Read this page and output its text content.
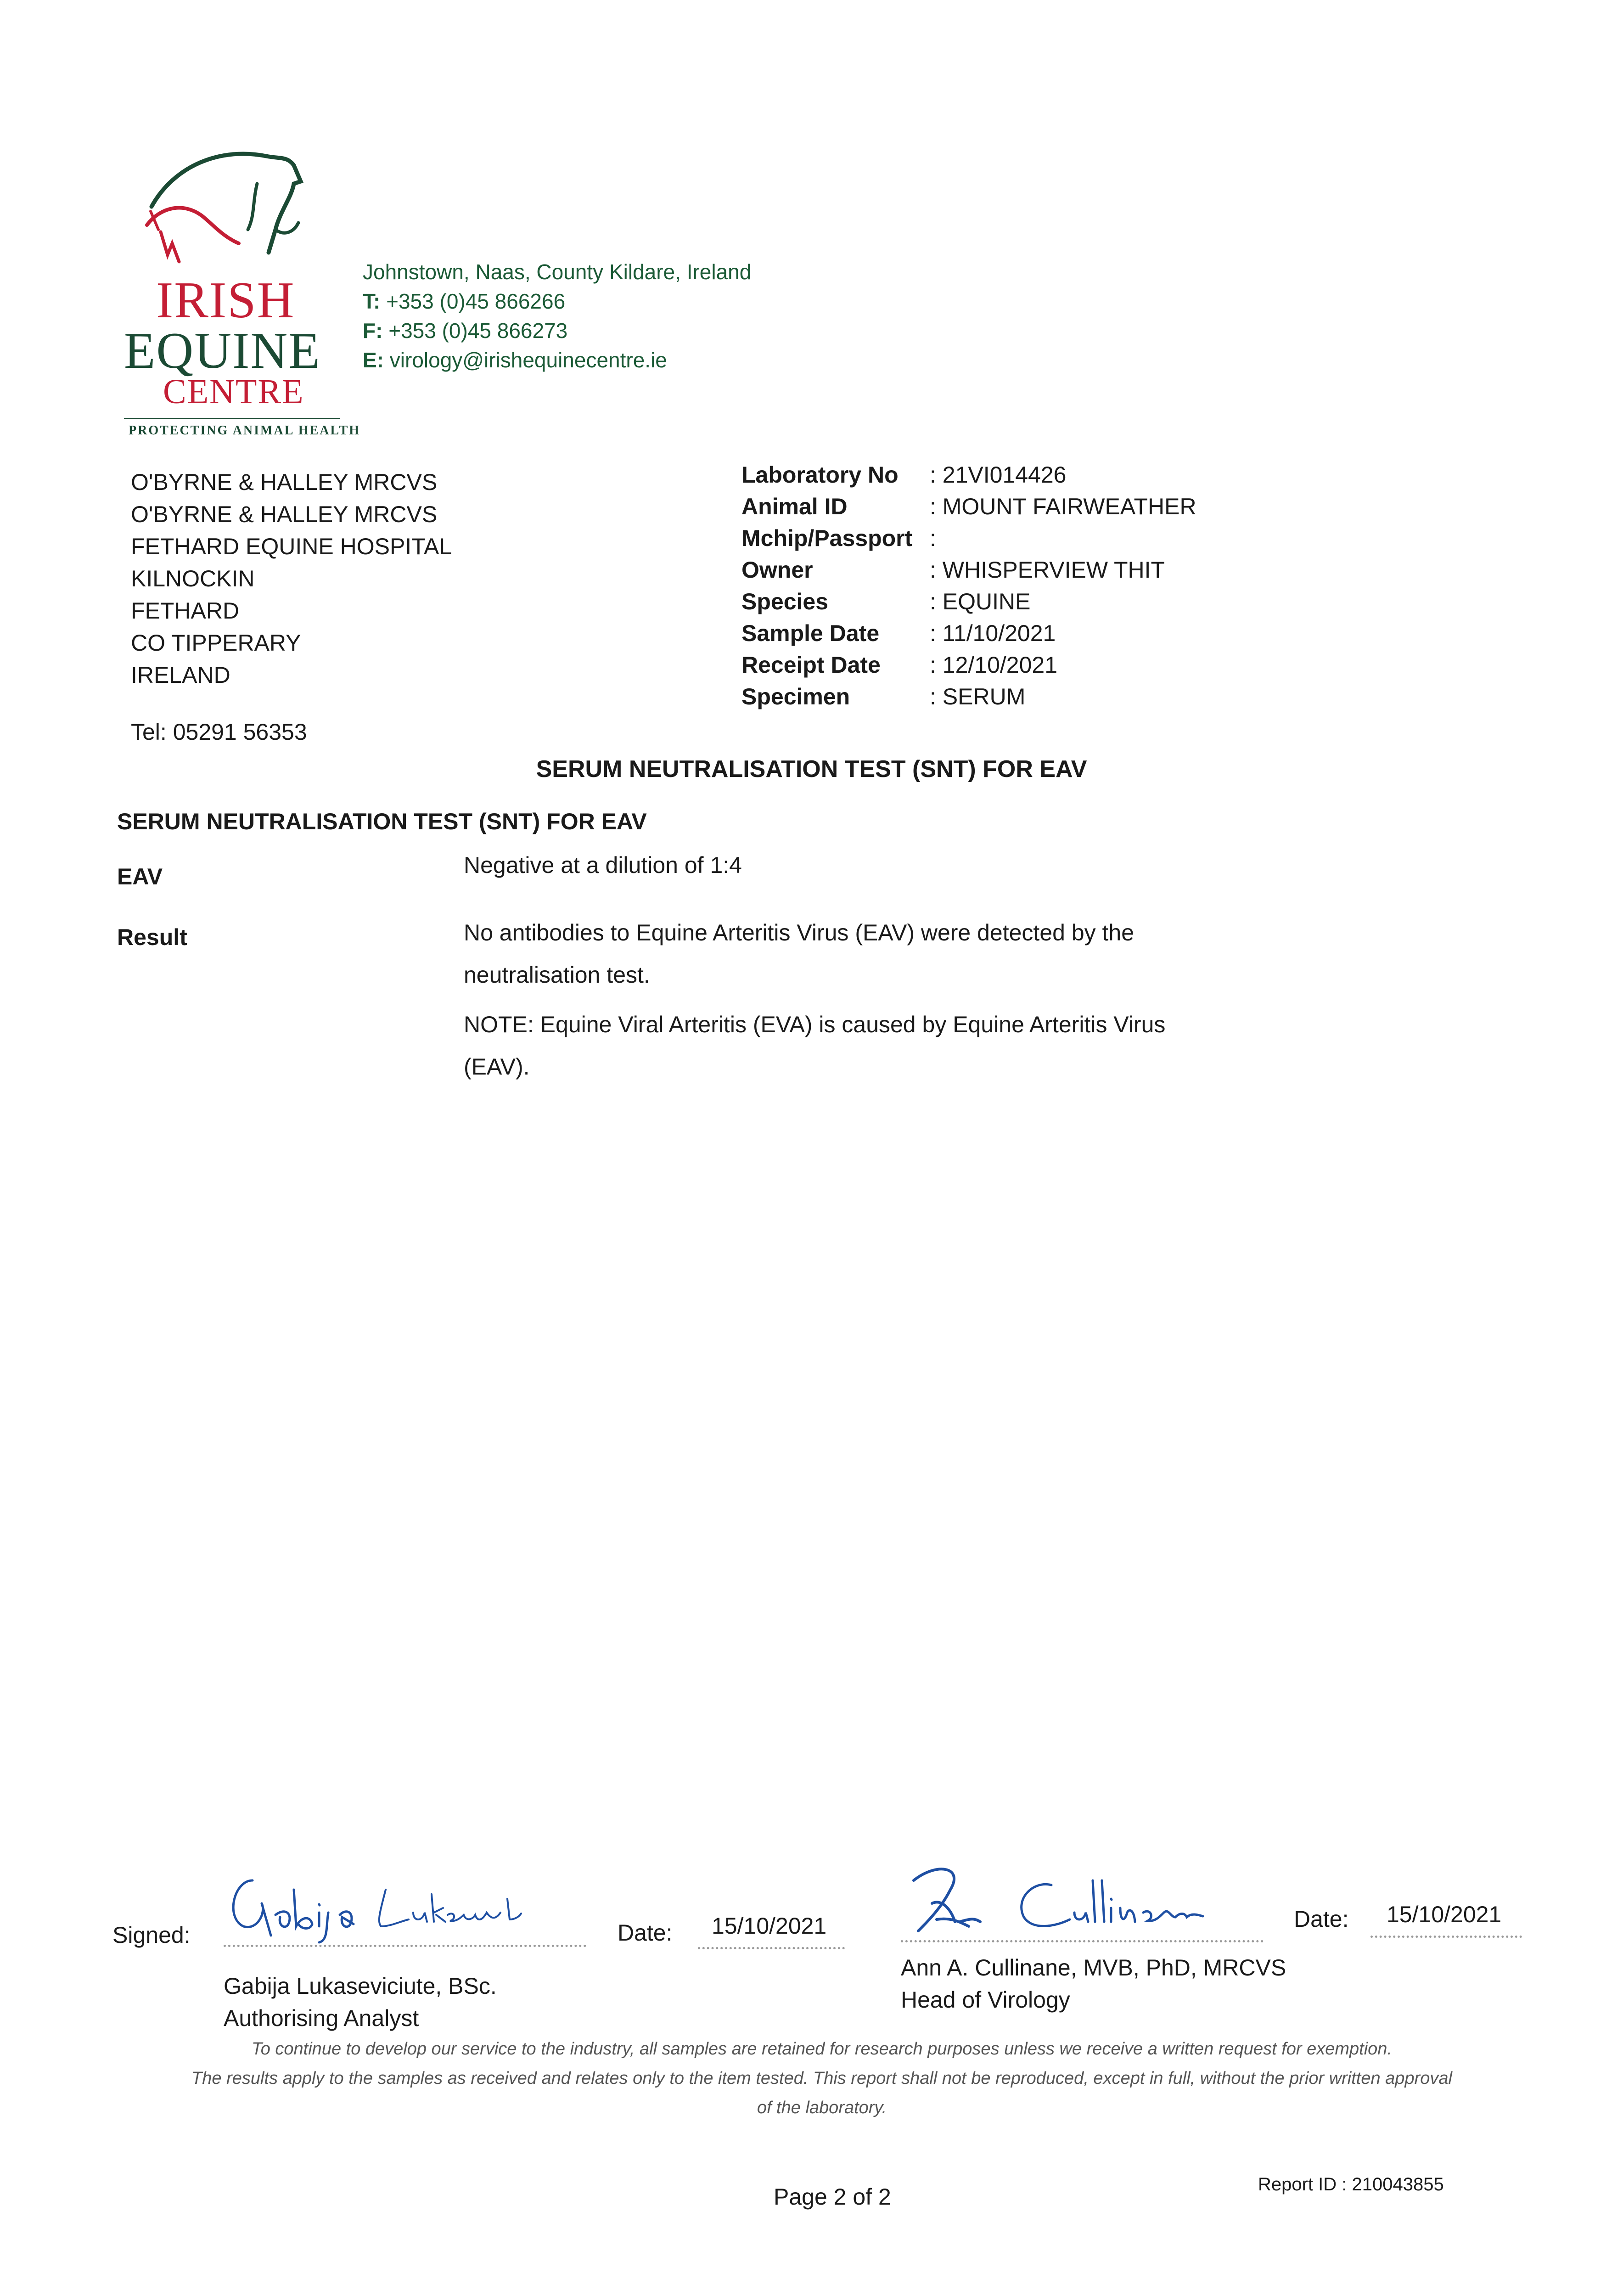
IRISH
EQUINE
CENTRE
PROTECTING ANIMAL HEALTH
Johnstown, Naas, County Kildare, Ireland
T: +353 (0)45 866266
F: +353 (0)45 866273
E: virology@irishequinecentre.ie
O'BYRNE & HALLEY MRCVS
O'BYRNE & HALLEY MRCVS
FETHARD EQUINE HOSPITAL
KILNOCKIN
FETHARD
CO TIPPERARY
IRELAND
Tel: 05291 56353
Laboratory No	: 21VI014426
Animal ID	: MOUNT FAIRWEATHER
Mchip/Passport :
Owner	: WHISPERVIEW THIT
Species	: EQUINE
Sample Date	: 11/10/2021
Receipt Date	: 12/10/2021
Specimen	: SERUM
SERUM NEUTRALISATION TEST (SNT) FOR EAV
SERUM NEUTRALISATION TEST (SNT) FOR EAV
EAV	Negative at a dilution of 1:4
Result	No antibodies to Equine Arteritis Virus (EAV) were detected by the neutralisation test.
NOTE: Equine Viral Arteritis (EVA) is caused by Equine Arteritis Virus (EAV).
Signed:	Date: 15/10/2021	Date: 15/10/2021
Gabija Lukaseviciute, BSc.
Authorising Analyst
Ann A. Cullinane, MVB, PhD, MRCVS
Head of Virology
To continue to develop our service to the industry, all samples are retained for research purposes unless we receive a written request for exemption.
The results apply to the samples as received and relates only to the item tested. This report shall not be reproduced, except in full, without the prior written approval of the laboratory.
Page 2 of 2	Report ID : 210043855
